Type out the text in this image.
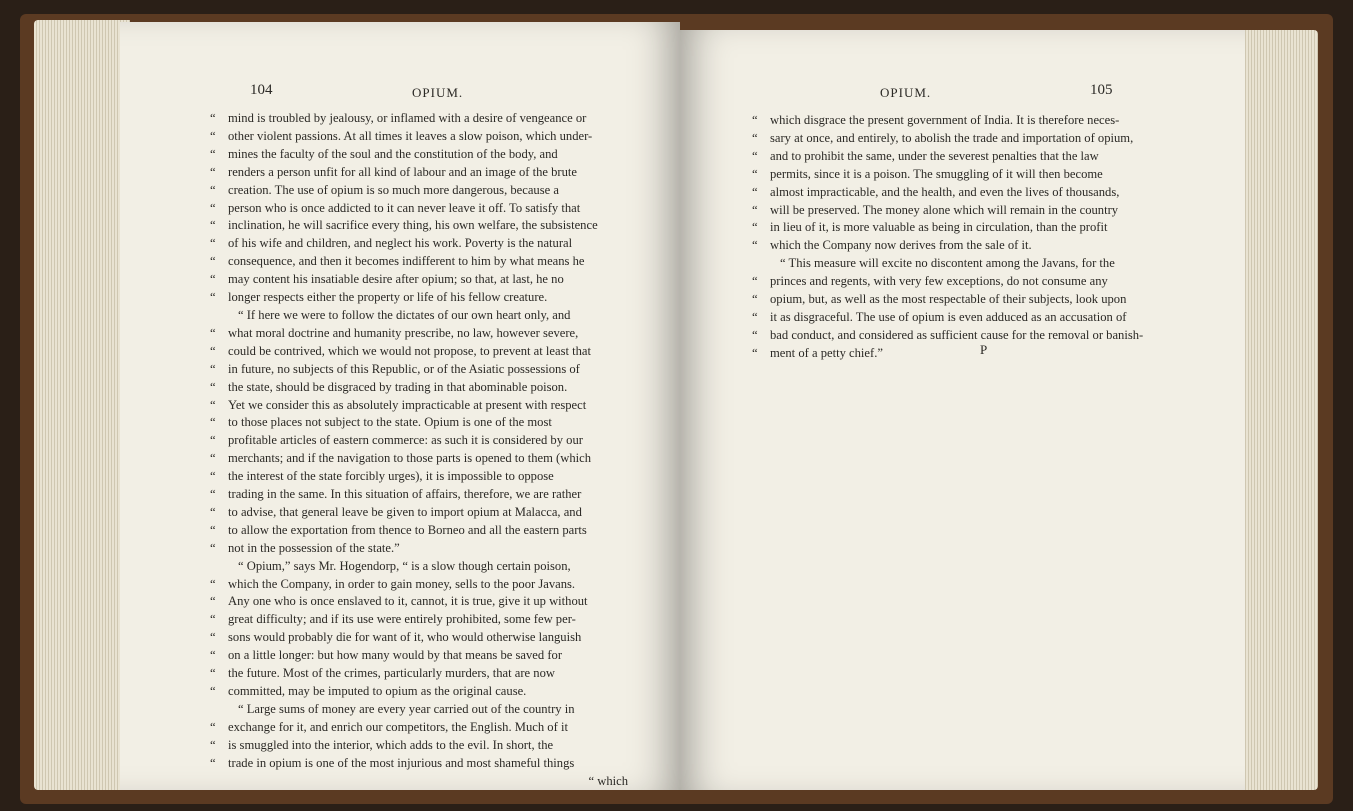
104	OPIUM.
“ mind is troubled by jealousy, or inflamed with a desire of vengeance or
“ other violent passions. At all times it leaves a slow poison, which under-
“ mines the faculty of the soul and the constitution of the body, and
“ renders a person unfit for all kind of labour and an image of the brute
“ creation. The use of opium is so much more dangerous, because a
“ person who is once addicted to it can never leave it off. To satisfy that
“ inclination, he will sacrifice every thing, his own welfare, the subsistence
“ of his wife and children, and neglect his work. Poverty is the natural
“ consequence, and then it becomes indifferent to him by what means he
“ may content his insatiable desire after opium; so that, at last, he no
“ longer respects either the property or life of his fellow creature.
“ If here we were to follow the dictates of our own heart only, and
“ what moral doctrine and humanity prescribe, no law, however severe,
“ could be contrived, which we would not propose, to prevent at least that
“ in future, no subjects of this Republic, or of the Asiatic possessions of
“ the state, should be disgraced by trading in that abominable poison.
“ Yet we consider this as absolutely impracticable at present with respect
“ to those places not subject to the state. Opium is one of the most
“ profitable articles of eastern commerce: as such it is considered by our
“ merchants; and if the navigation to those parts is opened to them (which
“ the interest of the state forcibly urges), it is impossible to oppose
“ trading in the same. In this situation of affairs, therefore, we are rather
“ to advise, that general leave be given to import opium at Malacca, and
“ to allow the exportation from thence to Borneo and all the eastern parts
“ not in the possession of the state.”
“ Opium,” says Mr. Hogendorp, “ is a slow though certain poison,
“ which the Company, in order to gain money, sells to the poor Javans.
“ Any one who is once enslaved to it, cannot, it is true, give it up without
“ great difficulty; and if its use were entirely prohibited, some few per-
“ sons would probably die for want of it, who would otherwise languish
“ on a little longer: but how many would by that means be saved for
“ the future. Most of the crimes, particularly murders, that are now
“ committed, may be imputed to opium as the original cause.
“ Large sums of money are every year carried out of the country in
“ exchange for it, and enrich our competitors, the English. Much of it
“ is smuggled into the interior, which adds to the evil. In short, the
“ trade in opium is one of the most injurious and most shameful things
“ which
OPIUM.	105
“ which disgrace the present government of India. It is therefore neces-
“ sary at once, and entirely, to abolish the trade and importation of opium,
“ and to prohibit the same, under the severest penalties that the law
“ permits, since it is a poison. The smuggling of it will then become
“ almost impracticable, and the health, and even the lives of thousands,
“ will be preserved. The money alone which will remain in the country
“ in lieu of it, is more valuable as being in circulation, than the profit
“ which the Company now derives from the sale of it.
“ This measure will excite no discontent among the Javans, for the
“ princes and regents, with very few exceptions, do not consume any
“ opium, but, as well as the most respectable of their subjects, look upon
“ it as disgraceful. The use of opium is even adduced as an accusation of
“ bad conduct, and considered as sufficient cause for the removal or banish-
“ ment of a petty chief.”	P
